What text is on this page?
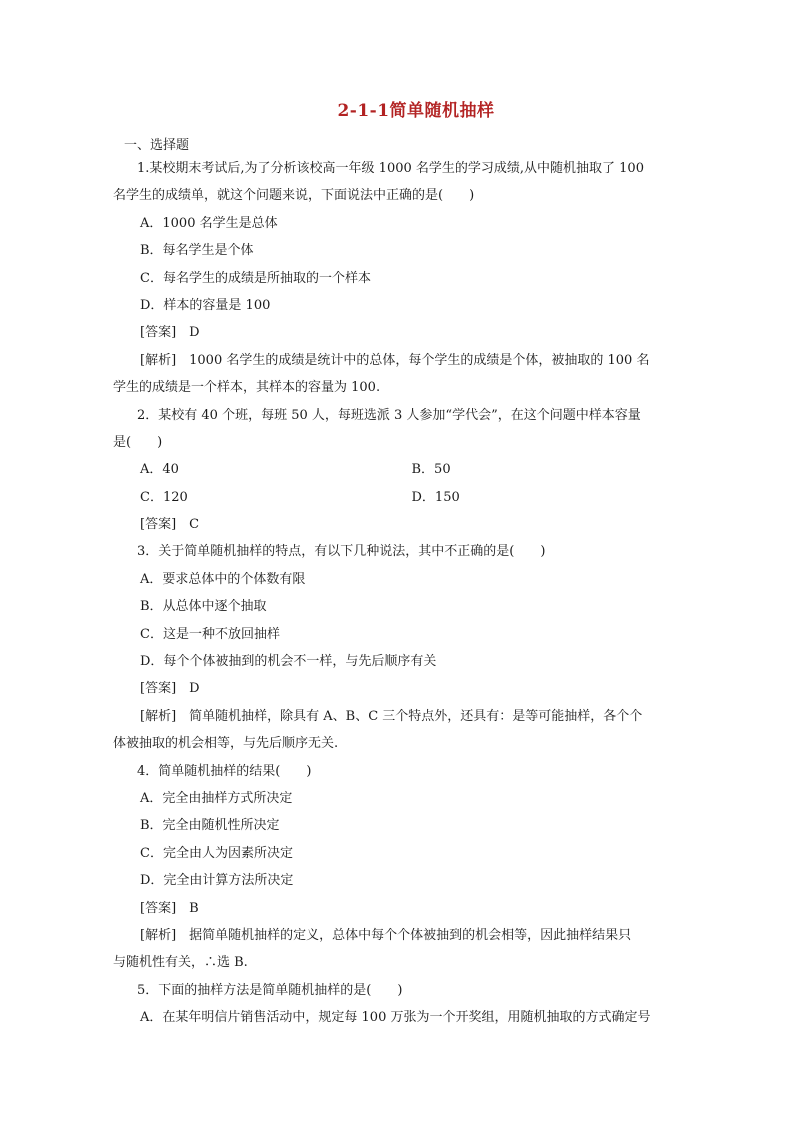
2-1-1简单随机抽样
一、选择题
1.某校期末考试后,为了分析该校高一年级 1000 名学生的学习成绩,从中随机抽取了 100
名学生的成绩单，就这个问题来说，下面说法中正确的是(　　)
A．1000 名学生是总体
B．每名学生是个体
C．每名学生的成绩是所抽取的一个样本
D．样本的容量是 100
[答案]　D
[解析]　1000 名学生的成绩是统计中的总体，每个学生的成绩是个体，被抽取的 100 名
学生的成绩是一个样本，其样本的容量为 100.
2．某校有 40 个班，每班 50 人，每班选派 3 人参加“学代会”，在这个问题中样本容量
是(　　)
A．40	B．50
C．120	D．150
[答案]　C
3．关于简单随机抽样的特点，有以下几种说法，其中不正确的是(　　)
A．要求总体中的个体数有限
B．从总体中逐个抽取
C．这是一种不放回抽样
D．每个个体被抽到的机会不一样，与先后顺序有关
[答案]　D
[解析]　简单随机抽样，除具有 A、B、C 三个特点外，还具有：是等可能抽样，各个个
体被抽取的机会相等，与先后顺序无关.
4．简单随机抽样的结果(　　)
A．完全由抽样方式所决定
B．完全由随机性所决定
C．完全由人为因素所决定
D．完全由计算方法所决定
[答案]　B
[解析]　据简单随机抽样的定义，总体中每个个体被抽到的机会相等，因此抽样结果只
与随机性有关，∴选 B.
5．下面的抽样方法是简单随机抽样的是(　　)
A．在某年明信片销售活动中，规定每 100 万张为一个开奖组，用随机抽取的方式确定号
